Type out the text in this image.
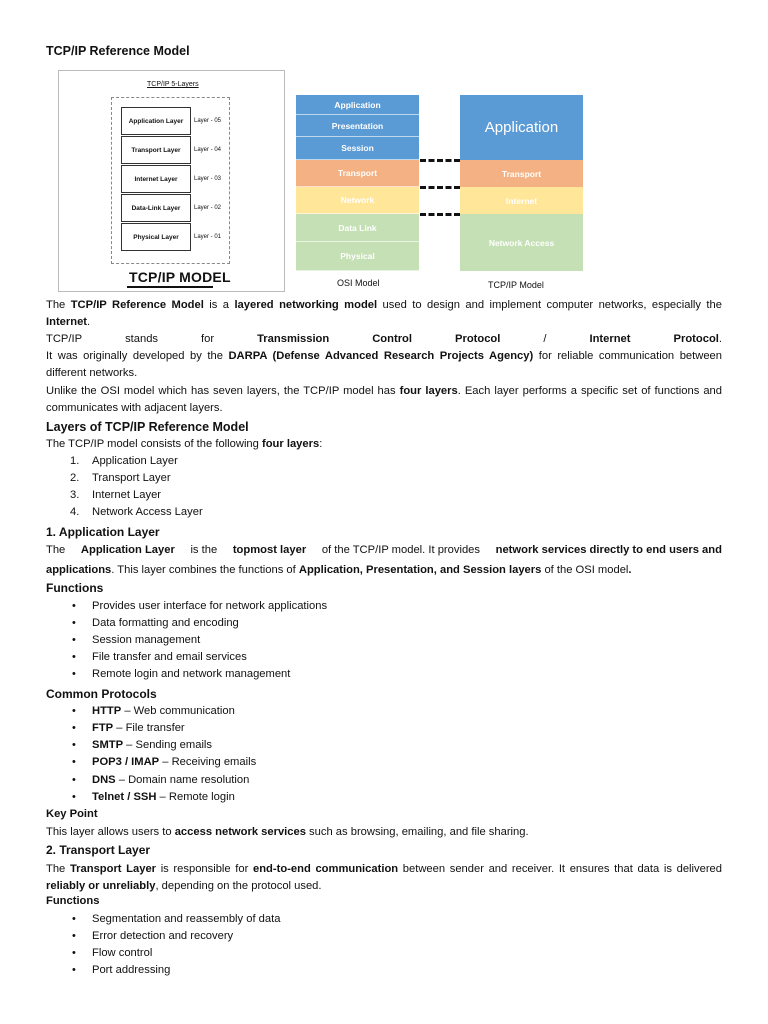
TCP/IP Reference Model
TCP/IP 5-Layers
Application Layer	Layer - 05
Transport Layer	Layer - 04
Internet Layer	Layer - 03
Data-Link Layer	Layer - 02
Physical Layer	Layer - 01
TCP/IP MODEL
Application
Presentation
Session
Transport
Network
Data Link
Physical
OSI Model
Application
Transport
Internet
Network Access
TCP/IP Model
The TCP/IP Reference Model is a layered networking model used to design and implement computer networks, especially the
Internet.
TCP/IP	stands	for	Transmission	Control	Protocol	/	Internet	Protocol.
It was originally developed by the DARPA (Defense Advanced Research Projects Agency) for reliable communication between
different networks.
Unlike the OSI model which has seven layers, the TCP/IP model has four layers. Each layer performs a specific set of functions and
communicates with adjacent layers.
Layers of TCP/IP Reference Model
The TCP/IP model consists of the following four layers:
1. Application Layer
2. Transport Layer
3. Internet Layer
4. Network Access Layer
1. Application Layer
The Application Layer is the topmost layer of the TCP/IP model. It provides network services directly to end users and
applications. This layer combines the functions of Application, Presentation, and Session layers of the OSI model.
Functions
• Provides user interface for network applications
• Data formatting and encoding
• Session management
• File transfer and email services
• Remote login and network management
Common Protocols
• HTTP – Web communication
• FTP – File transfer
• SMTP – Sending emails
• POP3 / IMAP – Receiving emails
• DNS – Domain name resolution
• Telnet / SSH – Remote login
Key Point
This layer allows users to access network services such as browsing, emailing, and file sharing.
2. Transport Layer
The Transport Layer is responsible for end-to-end communication between sender and receiver. It ensures that data is delivered
reliably or unreliably, depending on the protocol used.
Functions
• Segmentation and reassembly of data
• Error detection and recovery
• Flow control
• Port addressing
